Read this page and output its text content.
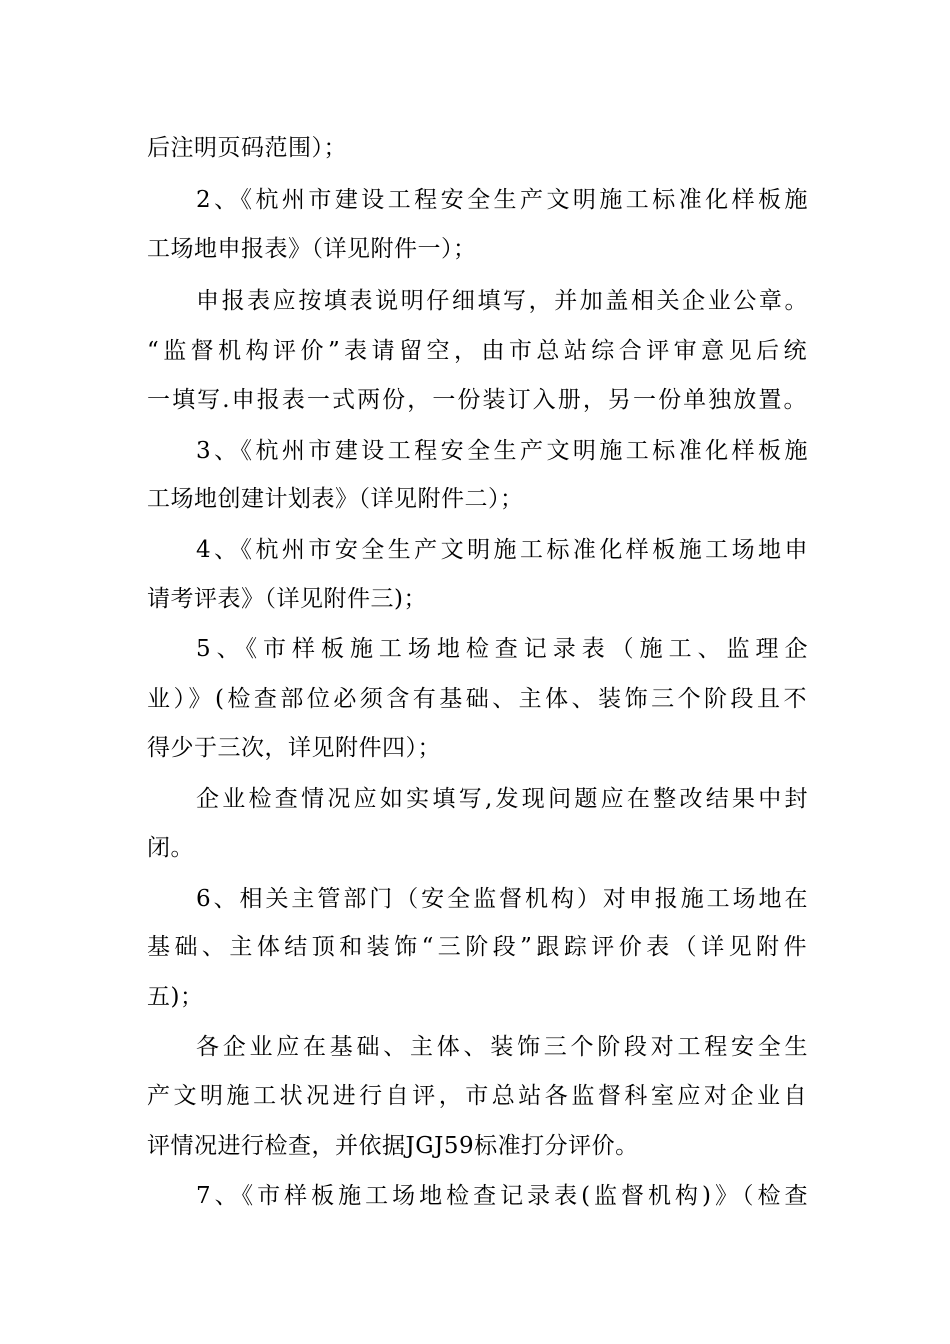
后注明页码范围）；
2、《杭州市建设工程安全生产文明施工标准化样板施
工场地申报表》（详见附件一）；
申报表应按填表说明仔细填写，并加盖相关企业公章。
“监督机构评价”表请留空，由市总站综合评审意见后统
一填写.申报表一式两份，一份装订入册，另一份单独放置。
3、《杭州市建设工程安全生产文明施工标准化样板施
工场地创建计划表》（详见附件二）；
4、《杭州市安全生产文明施工标准化样板施工场地申
请考评表》（详见附件三)；
5、《市样板施工场地检查记录表（施工、监理企
业）》(检查部位必须含有基础、主体、装饰三个阶段且不
得少于三次，详见附件四）；
企业检查情况应如实填写,发现问题应在整改结果中封
闭。
6、相关主管部门（安全监督机构）对申报施工场地在
基础、主体结顶和装饰“三阶段”跟踪评价表（详见附件
五)；
各企业应在基础、主体、装饰三个阶段对工程安全生
产文明施工状况进行自评，市总站各监督科室应对企业自
评情况进行检查，并依据JGJ59标准打分评价。
7、《市样板施工场地检查记录表(监督机构)》（检查
